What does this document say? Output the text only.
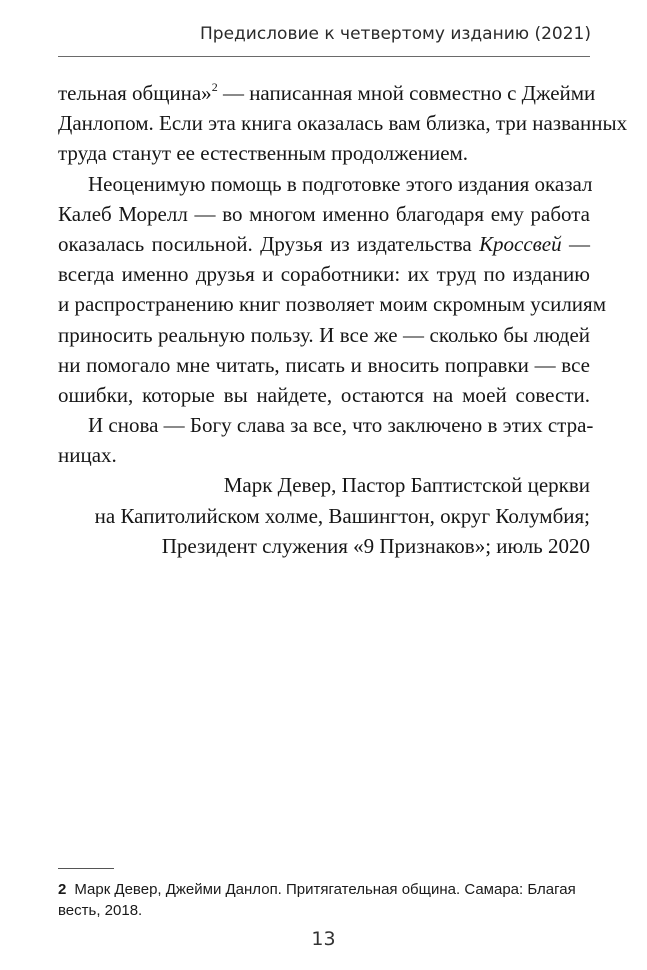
Предисловие к четвертому изданию (2021)
тельная община»$^2$ — написанная мной совместно с Джейми
Данлопом. Если эта книга оказалась вам близка, три названных
труда станут ее естественным продолжением.
Неоценимую помощь в подготовке этого издания оказал
Калеб Морелл — во многом именно благодаря ему работа
оказалась посильной. Друзья из издательства Кроссвей —
всегда именно друзья и соработники: их труд по изданию
и распространению книг позволяет моим скромным усилиям
приносить реальную пользу. И все же — сколько бы людей
ни помогало мне читать, писать и вносить поправки — все
ошибки, которые вы найдете, остаются на моей совести.
И снова — Богу слава за все, что заключено в этих стра-
ницах.
Марк Девер, Пастор Баптистской церкви
на Капитолийском холме, Вашингтон, округ Колумбия;
Президент служения «9 Признаков»; июль 2020
2 Марк Девер, Джейми Данлоп. Притягательная община. Самара: Благая
весть, 2018.
13
